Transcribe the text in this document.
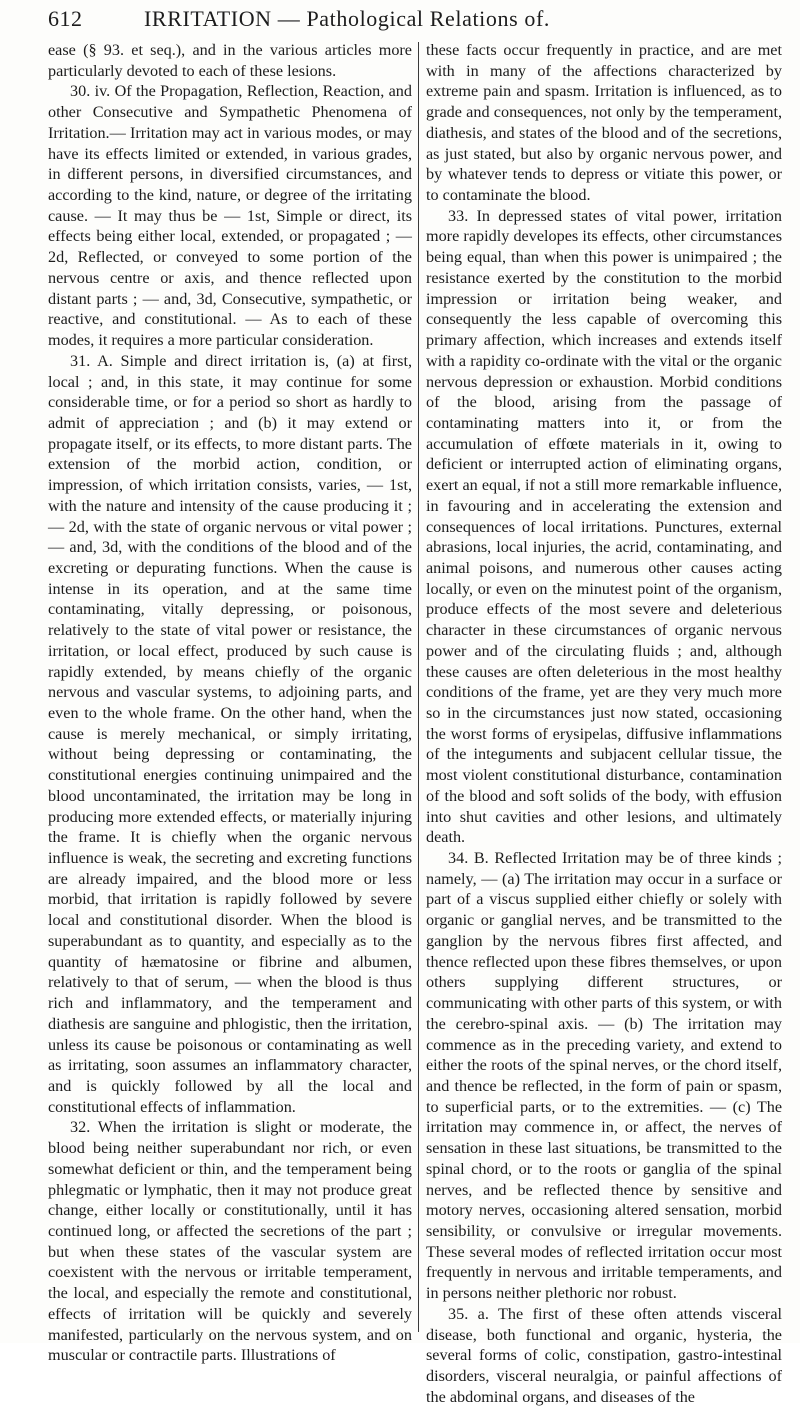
612	IRRITATION — Pathological Relations of.

ease (§ 93. et seq.), and in the various articles more particularly devoted to each of these lesions.

30. iv. Of the Propagation, Reflection, Reaction, and other Consecutive and Sympathetic Phenomena of Irritation.— Irritation may act in various modes, or may have its effects limited or extended, in various grades, in different persons, in diversified circumstances, and according to the kind, nature, or degree of the irritating cause. — It may thus be — 1st, Simple or direct, its effects being either local, extended, or propagated ; — 2d, Reflected, or conveyed to some portion of the nervous centre or axis, and thence reflected upon distant parts ; — and, 3d, Consecutive, sympathetic, or reactive, and constitutional. — As to each of these modes, it requires a more particular consideration.

31. A. Simple and direct irritation is, (a) at first, local ; and, in this state, it may continue for some considerable time, or for a period so short as hardly to admit of appreciation ; and (b) it may extend or propagate itself, or its effects, to more distant parts. The extension of the morbid action, condition, or impression, of which irritation consists, varies, — 1st, with the nature and intensity of the cause producing it ; — 2d, with the state of organic nervous or vital power ; — and, 3d, with the conditions of the blood and of the excreting or depurating functions. When the cause is intense in its operation, and at the same time contaminating, vitally depressing, or poisonous, relatively to the state of vital power or resistance, the irritation, or local effect, produced by such cause is rapidly extended, by means chiefly of the organic nervous and vascular systems, to adjoining parts, and even to the whole frame. On the other hand, when the cause is merely mechanical, or simply irritating, without being depressing or contaminating, the constitutional energies continuing unimpaired and the blood uncontaminated, the irritation may be long in producing more extended effects, or materially injuring the frame. It is chiefly when the organic nervous influence is weak, the secreting and excreting functions are already impaired, and the blood more or less morbid, that irritation is rapidly followed by severe local and constitutional disorder. When the blood is superabundant as to quantity, and especially as to the quantity of hæmatosine or fibrine and albumen, relatively to that of serum, — when the blood is thus rich and inflammatory, and the temperament and diathesis are sanguine and phlogistic, then the irritation, unless its cause be poisonous or contaminating as well as irritating, soon assumes an inflammatory character, and is quickly followed by all the local and constitutional effects of inflammation.

32. When the irritation is slight or moderate, the blood being neither superabundant nor rich, or even somewhat deficient or thin, and the temperament being phlegmatic or lymphatic, then it may not produce great change, either locally or constitutionally, until it has continued long, or affected the secretions of the part ; but when these states of the vascular system are coexistent with the nervous or irritable temperament, the local, and especially the remote and constitutional, effects of irritation will be quickly and severely manifested, particularly on the nervous system, and on muscular or contractile parts. Illustrations of

these facts occur frequently in practice, and are met with in many of the affections characterized by extreme pain and spasm. Irritation is influenced, as to grade and consequences, not only by the temperament, diathesis, and states of the blood and of the secretions, as just stated, but also by organic nervous power, and by whatever tends to depress or vitiate this power, or to contaminate the blood.

33. In depressed states of vital power, irritation more rapidly developes its effects, other circumstances being equal, than when this power is unimpaired ; the resistance exerted by the constitution to the morbid impression or irritation being weaker, and consequently the less capable of overcoming this primary affection, which increases and extends itself with a rapidity co-ordinate with the vital or the organic nervous depression or exhaustion. Morbid conditions of the blood, arising from the passage of contaminating matters into it, or from the accumulation of effœte materials in it, owing to deficient or interrupted action of eliminating organs, exert an equal, if not a still more remarkable influence, in favouring and in accelerating the extension and consequences of local irritations. Punctures, external abrasions, local injuries, the acrid, contaminating, and animal poisons, and numerous other causes acting locally, or even on the minutest point of the organism, produce effects of the most severe and deleterious character in these circumstances of organic nervous power and of the circulating fluids ; and, although these causes are often deleterious in the most healthy conditions of the frame, yet are they very much more so in the circumstances just now stated, occasioning the worst forms of erysipelas, diffusive inflammations of the integuments and subjacent cellular tissue, the most violent constitutional disturbance, contamination of the blood and soft solids of the body, with effusion into shut cavities and other lesions, and ultimately death.

34. B. Reflected Irritation may be of three kinds ; namely, — (a) The irritation may occur in a surface or part of a viscus supplied either chiefly or solely with organic or ganglial nerves, and be transmitted to the ganglion by the nervous fibres first affected, and thence reflected upon these fibres themselves, or upon others supplying different structures, or communicating with other parts of this system, or with the cerebro-spinal axis. — (b) The irritation may commence as in the preceding variety, and extend to either the roots of the spinal nerves, or the chord itself, and thence be reflected, in the form of pain or spasm, to superficial parts, or to the extremities. — (c) The irritation may commence in, or affect, the nerves of sensation in these last situations, be transmitted to the spinal chord, or to the roots or ganglia of the spinal nerves, and be reflected thence by sensitive and motory nerves, occasioning altered sensation, morbid sensibility, or convulsive or irregular movements. These several modes of reflected irritation occur most frequently in nervous and irritable temperaments, and in persons neither plethoric nor robust.

35. a. The first of these often attends visceral disease, both functional and organic, hysteria, the several forms of colic, constipation, gastro-intestinal disorders, visceral neuralgia, or painful affections of the abdominal organs, and diseases of the
